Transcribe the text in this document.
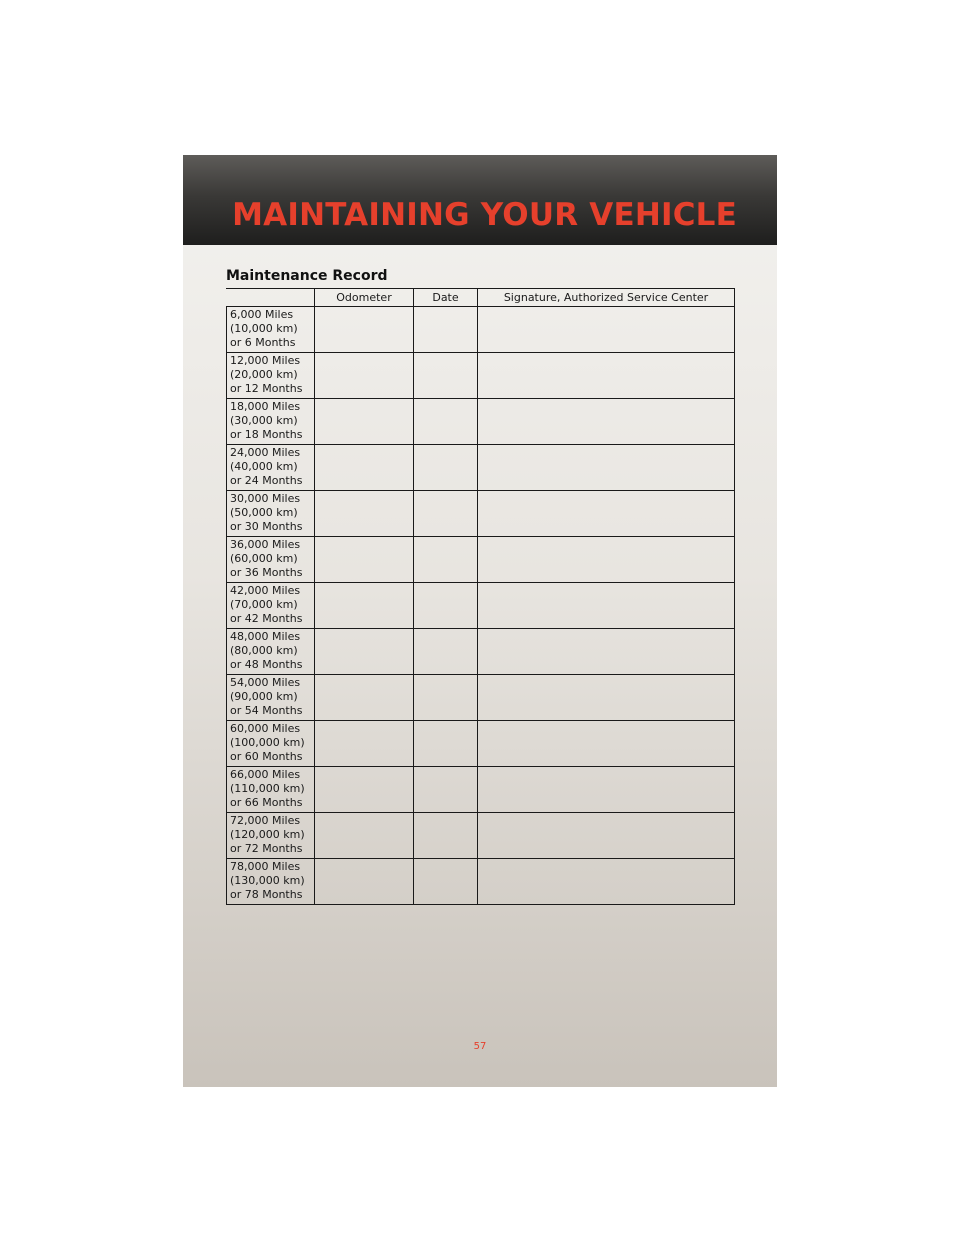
MAINTAINING YOUR VEHICLE
Maintenance Record
	Odometer	Date	Signature, Authorized Service Center

6,000 Miles
(10,000 km)
or 6 Months			

12,000 Miles
(20,000 km)
or 12 Months			

18,000 Miles
(30,000 km)
or 18 Months			

24,000 Miles
(40,000 km)
or 24 Months			

30,000 Miles
(50,000 km)
or 30 Months			

36,000 Miles
(60,000 km)
or 36 Months			

42,000 Miles
(70,000 km)
or 42 Months			

48,000 Miles
(80,000 km)
or 48 Months			

54,000 Miles
(90,000 km)
or 54 Months			

60,000 Miles
(100,000 km)
or 60 Months			

66,000 Miles
(110,000 km)
or 66 Months			

72,000 Miles
(120,000 km)
or 72 Months			

78,000 Miles
(130,000 km)
or 78 Months			

57
